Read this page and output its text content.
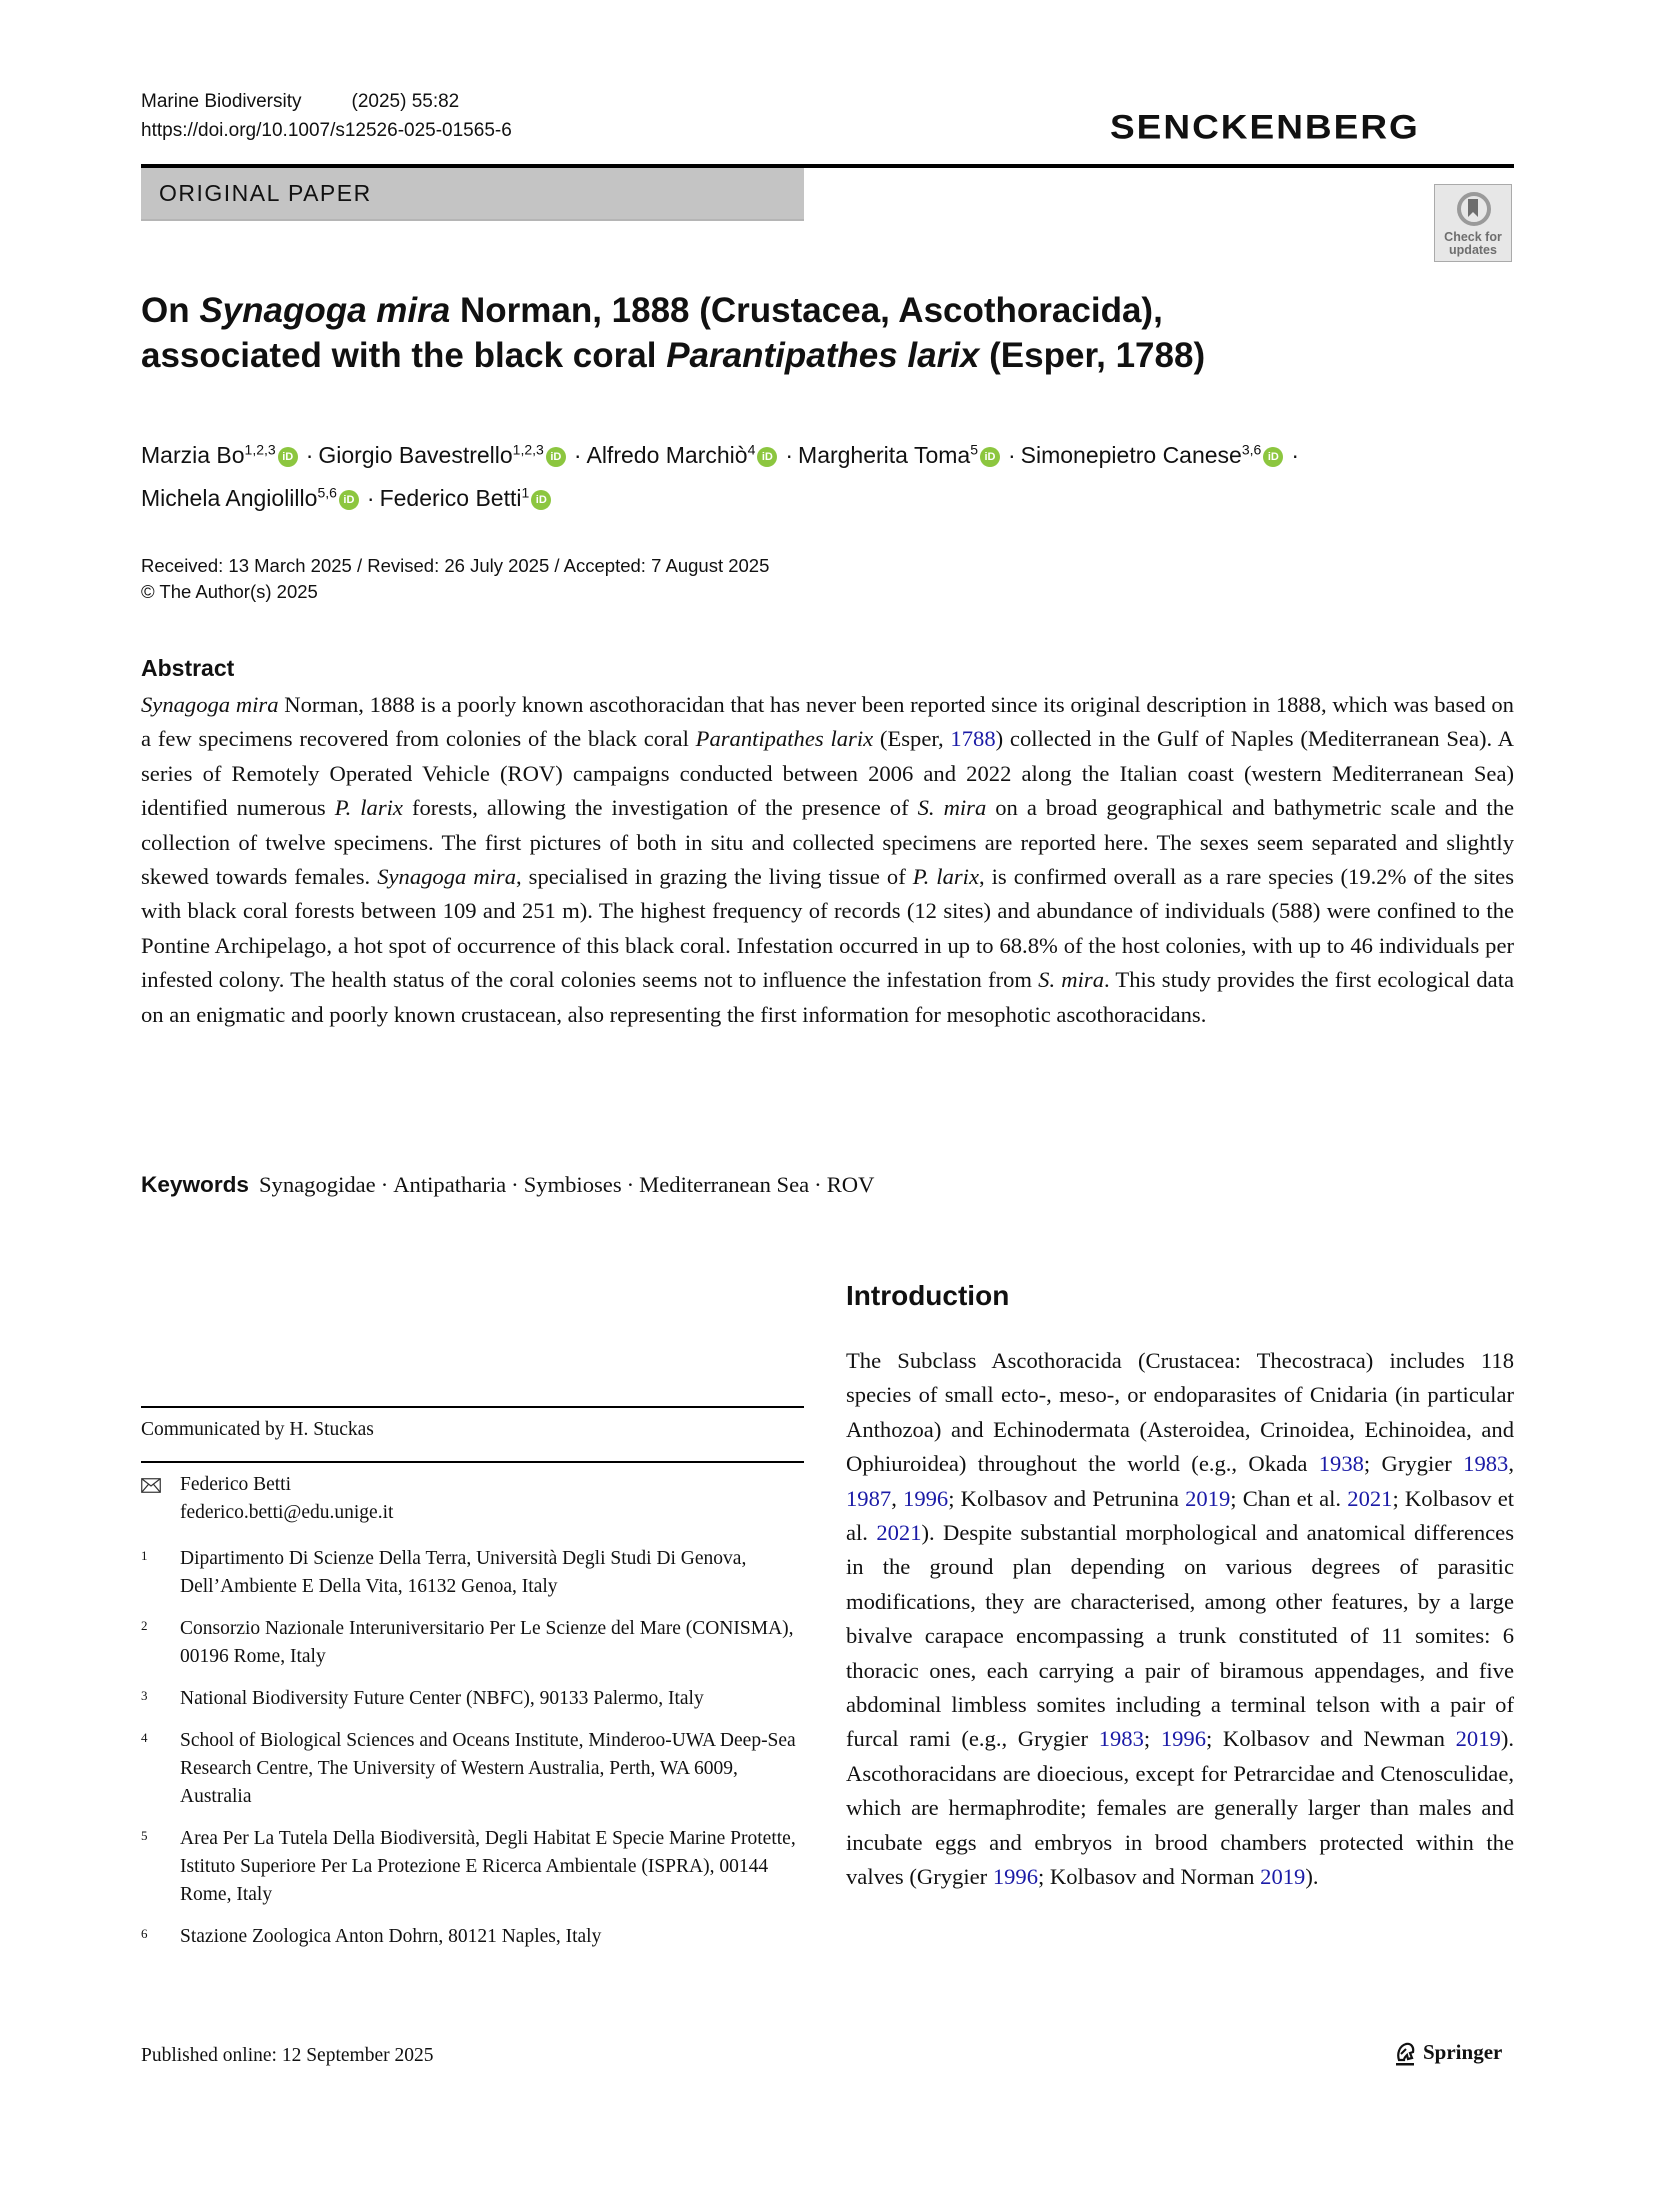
Marine Biodiversity	(2025) 55:82
https://doi.org/10.1007/s12526-025-01565-6	SENCKENBERG
ORIGINAL PAPER
Check for
updates
On Synagoga mira Norman, 1888 (Crustacea, Ascothoracida),
associated with the black coral Parantipathes larix (Esper, 1788)
Marzia Bo$^{1,2,3}$ iD · Giorgio Bavestrello$^{1,2,3}$ iD · Alfredo Marchiò$^4$ iD · Margherita Toma$^5$ iD · Simonepietro Canese$^{3,6}$ iD ·
Michela Angiolillo$^{5,6}$ iD · Federico Betti$^1$ iD
Received: 13 March 2025 / Revised: 26 July 2025 / Accepted: 7 August 2025
© The Author(s) 2025
Abstract
Synagoga mira Norman, 1888 is a poorly known ascothoracidan that has never been reported since its original description in 1888, which was based on a few specimens recovered from colonies of the black coral Parantipathes larix (Esper, 1788) collected in the Gulf of Naples (Mediterranean Sea). A series of Remotely Operated Vehicle (ROV) campaigns conducted between 2006 and 2022 along the Italian coast (western Mediterranean Sea) identified numerous P. larix forests, allowing the investigation of the presence of S. mira on a broad geographical and bathymetric scale and the collection of twelve specimens. The first pictures of both in situ and collected specimens are reported here. The sexes seem separated and slightly skewed towards females. Synagoga mira, specialised in grazing the living tissue of P. larix, is confirmed overall as a rare species (19.2% of the sites with black coral forests between 109 and 251 m). The highest frequency of records (12 sites) and abundance of individuals (588) were confined to the Pontine Archipelago, a hot spot of occurrence of this black coral. Infestation occurred in up to 68.8% of the host colonies, with up to 46 individuals per infested colony. The health status of the coral colonies seems not to influence the infestation from S. mira. This study provides the first ecological data on an enigmatic and poorly known crustacean, also representing the first information for mesophotic ascothoracidans.
Keywords Synagogidae · Antipatharia · Symbioses · Mediterranean Sea · ROV
Introduction
The Subclass Ascothoracida (Crustacea: Thecostraca) includes 118 species of small ecto-, meso-, or endoparasites of Cnidaria (in particular Anthozoa) and Echinodermata (Asteroidea, Crinoidea, Echinoidea, and Ophiuroidea) throughout the world (e.g., Okada 1938; Grygier 1983, 1987, 1996; Kolbasov and Petrunina 2019; Chan et al. 2021; Kolbasov et al. 2021). Despite substantial morphological and anatomical differences in the ground plan depending on various degrees of parasitic modifications, they are characterised, among other features, by a large bivalve carapace encompassing a trunk constituted of 11 somites: 6 thoracic ones, each carrying a pair of biramous appendages, and five abdominal limbless somites including a terminal telson with a pair of furcal rami (e.g., Grygier 1983; 1996; Kolbasov and Newman 2019). Ascothoracidans are dioecious, except for Petrarcidae and Ctenosculidae, which are hermaphrodite; females are generally larger than males and incubate eggs and embryos in brood chambers protected within the valves (Grygier 1996; Kolbasov and Norman 2019).
Communicated by H. Stuckas
Federico Betti
federico.betti@edu.unige.it
1 Dipartimento Di Scienze Della Terra, Università Degli Studi Di Genova, Dell’Ambiente E Della Vita, 16132 Genoa, Italy
2 Consorzio Nazionale Interuniversitario Per Le Scienze del Mare (CONISMA), 00196 Rome, Italy
3 National Biodiversity Future Center (NBFC), 90133 Palermo, Italy
4 School of Biological Sciences and Oceans Institute, Minderoo-UWA Deep-Sea Research Centre, The University of Western Australia, Perth, WA 6009, Australia
5 Area Per La Tutela Della Biodiversità, Degli Habitat E Specie Marine Protette, Istituto Superiore Per La Protezione E Ricerca Ambientale (ISPRA), 00144 Rome, Italy
6 Stazione Zoologica Anton Dohrn, 80121 Naples, Italy
Published online: 12 September 2025	Springer
